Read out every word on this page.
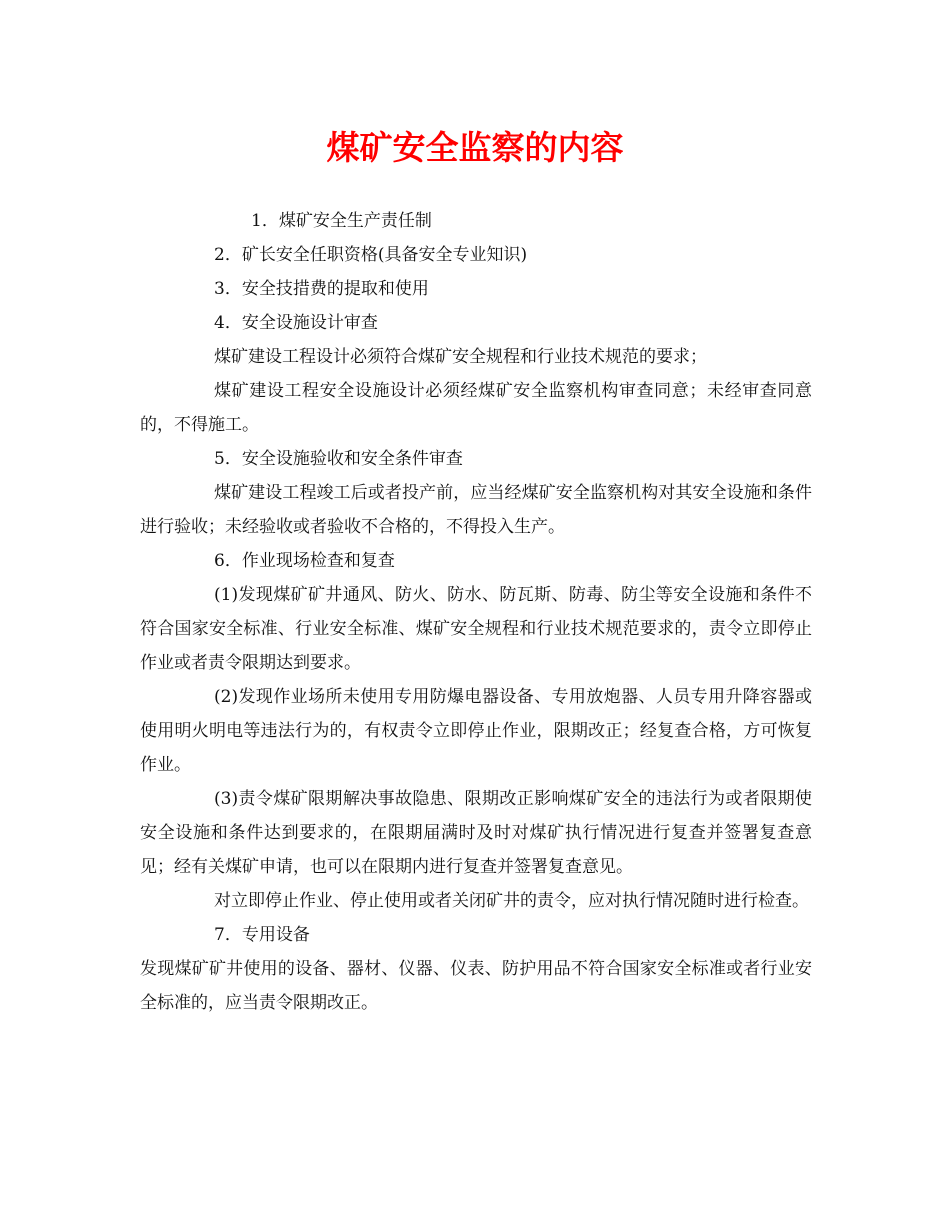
煤矿安全监察的内容

1．煤矿安全生产责任制

2．矿长安全任职资格(具备安全专业知识)

3．安全技措费的提取和使用

4．安全设施设计审查

煤矿建设工程设计必须符合煤矿安全规程和行业技术规范的要求；

煤矿建设工程安全设施设计必须经煤矿安全监察机构审查同意；未经审查同意的，不得施工。

5．安全设施验收和安全条件审查

煤矿建设工程竣工后或者投产前，应当经煤矿安全监察机构对其安全设施和条件进行验收；未经验收或者验收不合格的，不得投入生产。

6．作业现场检查和复查

(1)发现煤矿矿井通风、防火、防水、防瓦斯、防毒、防尘等安全设施和条件不符合国家安全标准、行业安全标准、煤矿安全规程和行业技术规范要求的，责令立即停止作业或者责令限期达到要求。

(2)发现作业场所未使用专用防爆电器设备、专用放炮器、人员专用升降容器或使用明火明电等违法行为的，有权责令立即停止作业，限期改正；经复查合格，方可恢复作业。

(3)责令煤矿限期解决事故隐患、限期改正影响煤矿安全的违法行为或者限期使安全设施和条件达到要求的，在限期届满时及时对煤矿执行情况进行复查并签署复查意见；经有关煤矿申请，也可以在限期内进行复查并签署复查意见。

对立即停止作业、停止使用或者关闭矿井的责令，应对执行情况随时进行检查。

7．专用设备

发现煤矿矿井使用的设备、器材、仪器、仪表、防护用品不符合国家安全标准或者行业安全标准的，应当责令限期改正。
